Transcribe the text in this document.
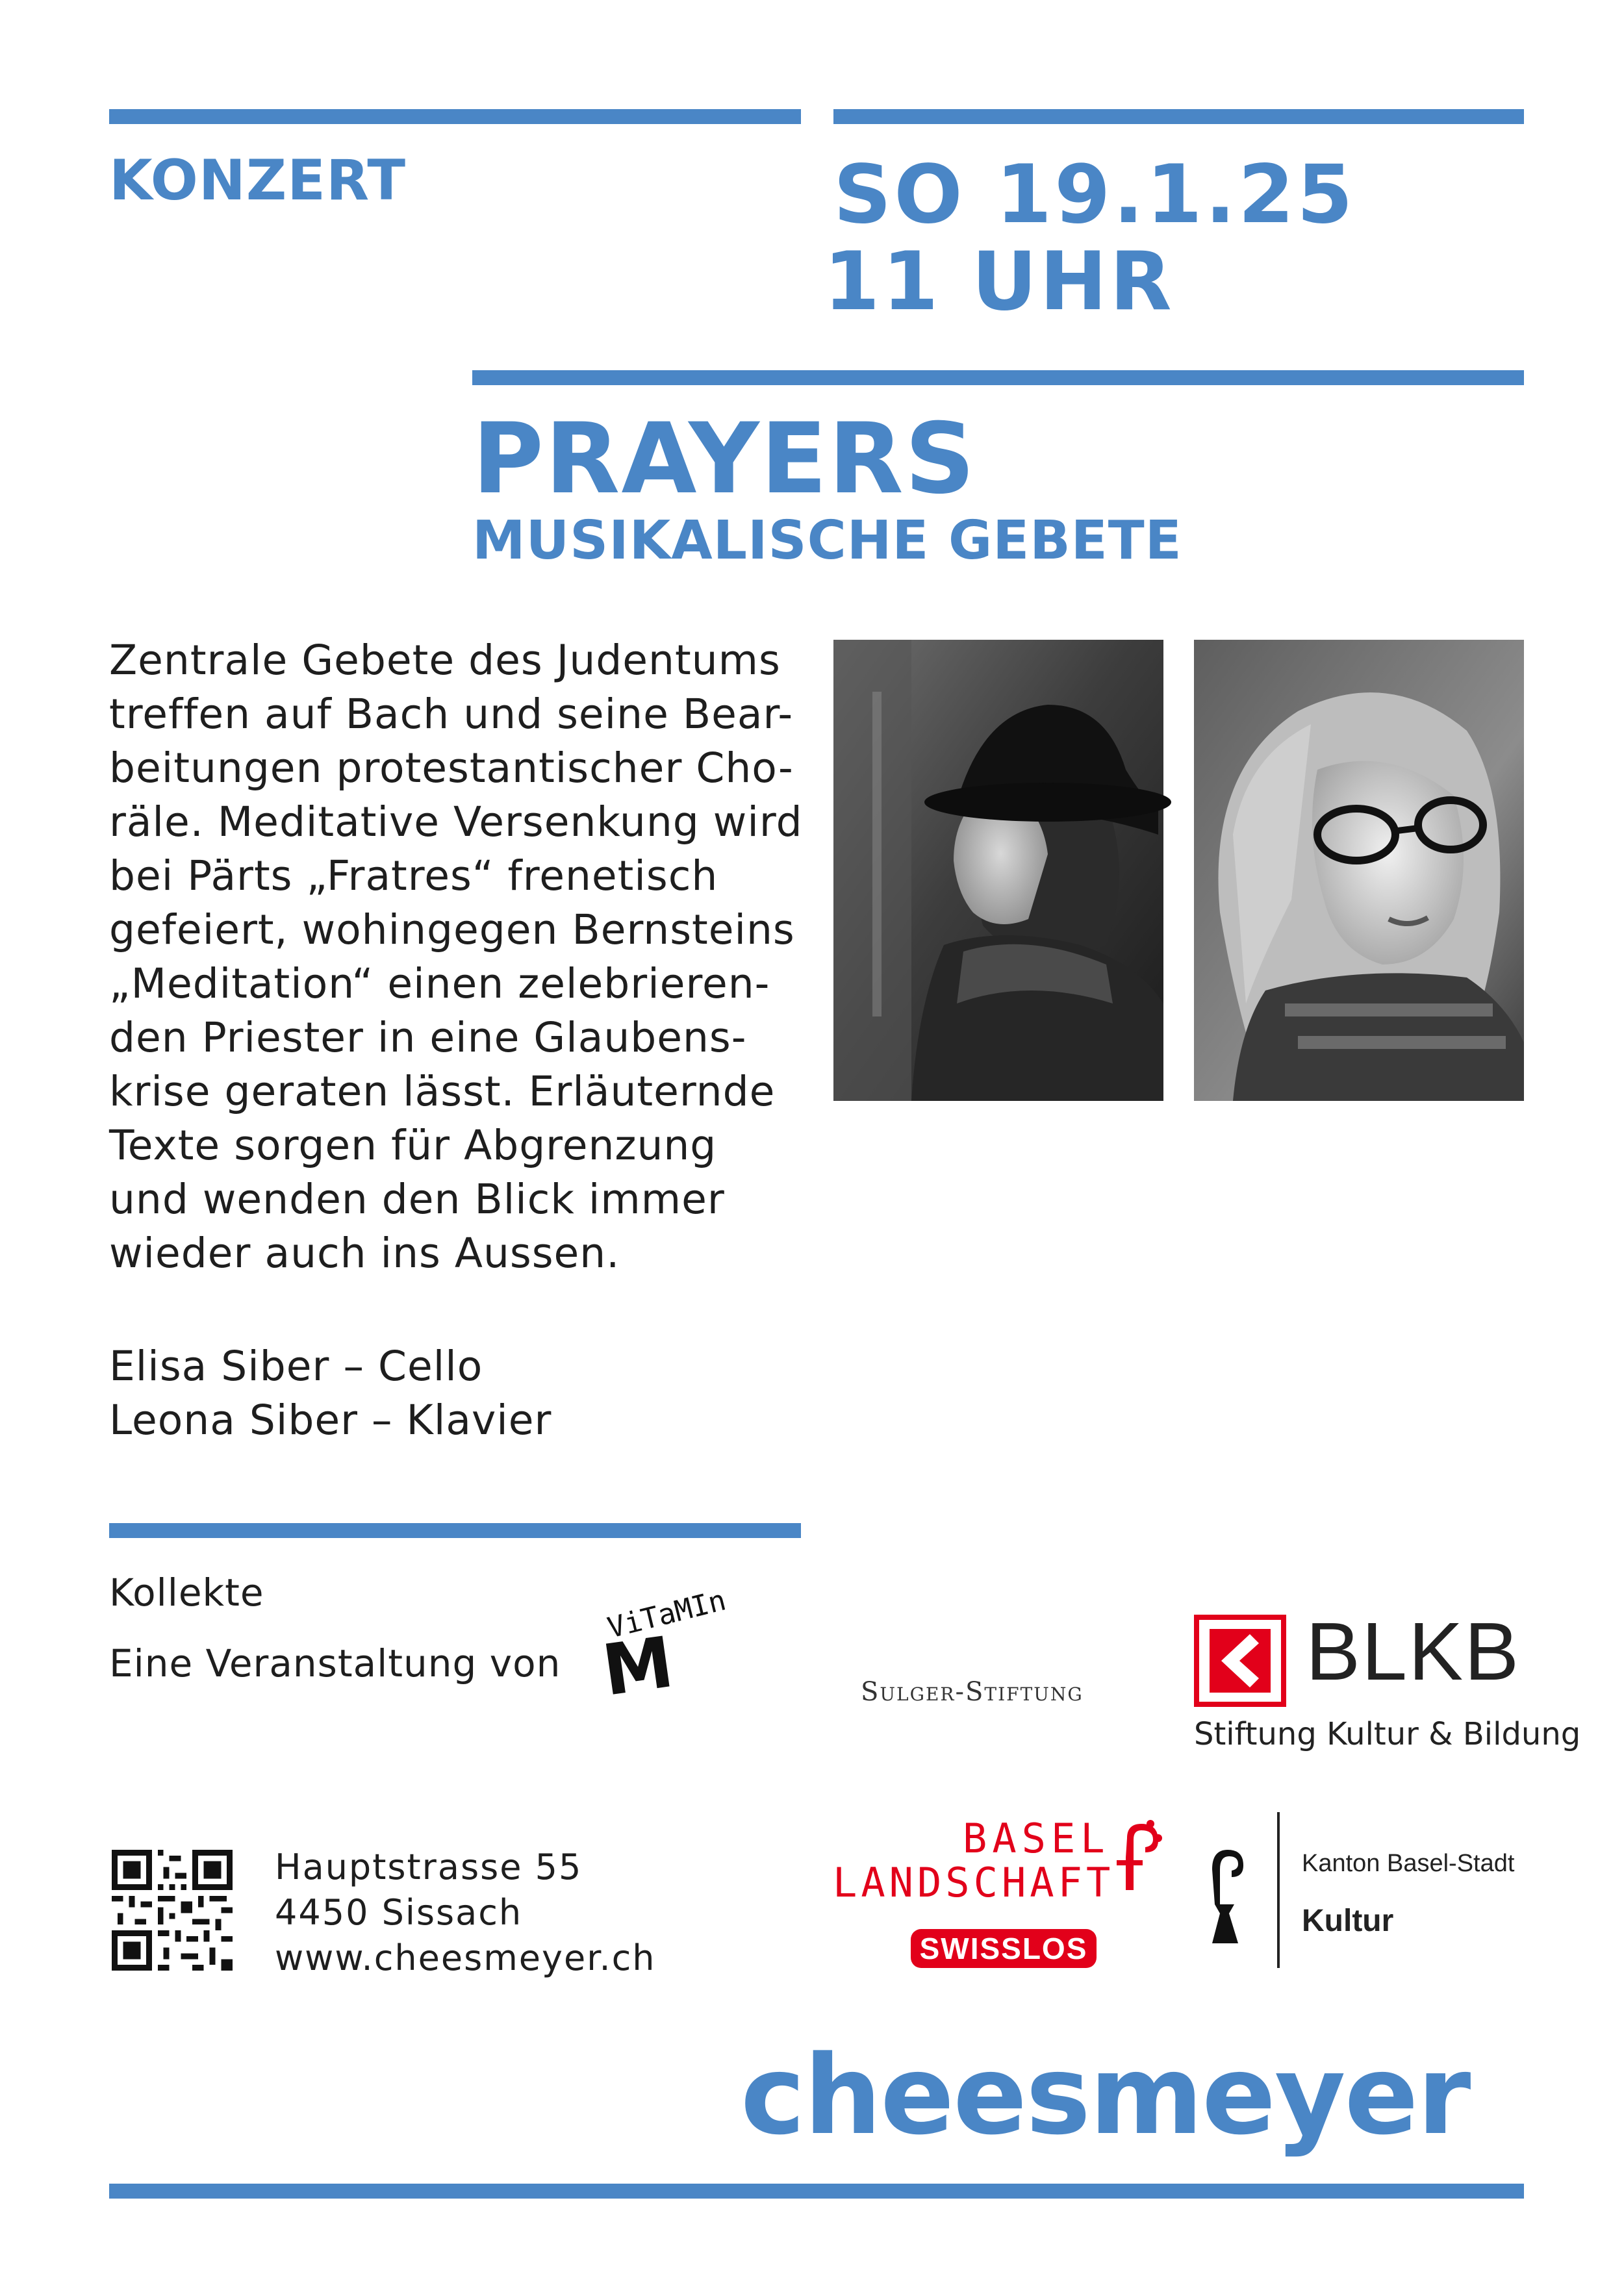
KONZERT	SO 19.1.25
11 UHR
PRAYERS
MUSIKALISCHE GEBETE
Zentrale Gebete des Judentums
treffen auf Bach und seine Bear-
beitungen protestantischer Cho-
räle. Meditative Versenkung wird
bei Pärts „Fratres“ frenetisch
gefeiert, wohingegen Bernsteins
„Meditation“ einen zelebrieren-
den Priester in eine Glaubens-
krise geraten lässt. Erläuternde
Texte sorgen für Abgrenzung
und wenden den Blick immer
wieder auch ins Aussen.
Elisa Siber – Cello
Leona Siber – Klavier
Kollekte
Eine Veranstaltung von
ViTaMIn
M	Sulger-Stiftung	BLKB
Stiftung Kultur & Bildung
BASEL
LANDSCHAFT
SWISSLOS
Kanton Basel-Stadt
Kultur
Hauptstrasse 55
4450 Sissach
www.cheesmeyer.ch
cheesmeyer
